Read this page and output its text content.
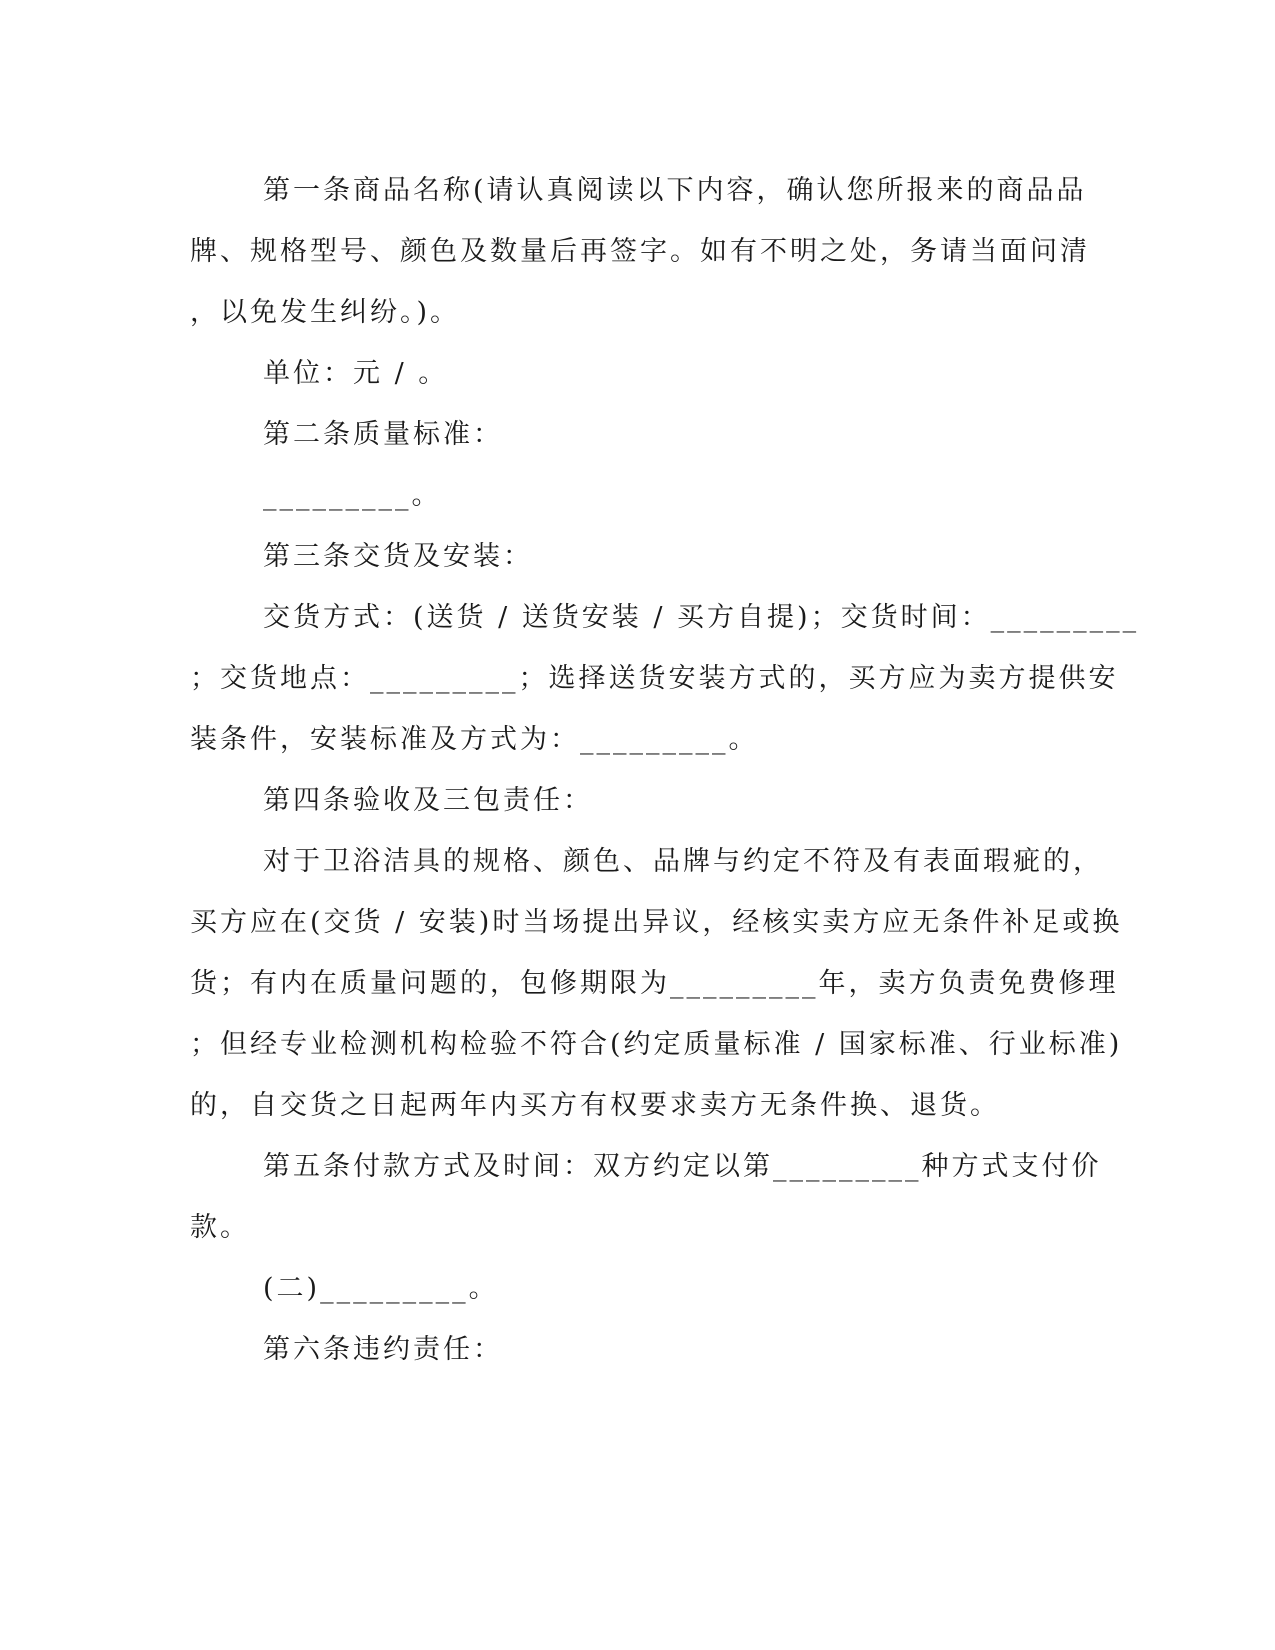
第一条商品名称(请认真阅读以下内容，确认您所报来的商品品
牌、规格型号、颜色及数量后再签字。如有不明之处，务请当面问清
，以免发生纠纷。)。
单位：元 / 。
第二条质量标准：
_________。
第三条交货及安装：
交货方式：(送货 / 送货安装 / 买方自提)；交货时间：_________
；交货地点：_________；选择送货安装方式的，买方应为卖方提供安
装条件，安装标准及方式为：_________。
第四条验收及三包责任：
对于卫浴洁具的规格、颜色、品牌与约定不符及有表面瑕疵的，
买方应在(交货 / 安装)时当场提出异议，经核实卖方应无条件补足或换
货；有内在质量问题的，包修期限为_________年，卖方负责免费修理
；但经专业检测机构检验不符合(约定质量标准 / 国家标准、行业标准)
的，自交货之日起两年内买方有权要求卖方无条件换、退货。
第五条付款方式及时间：双方约定以第_________种方式支付价
款。
(二)_________。
第六条违约责任：
